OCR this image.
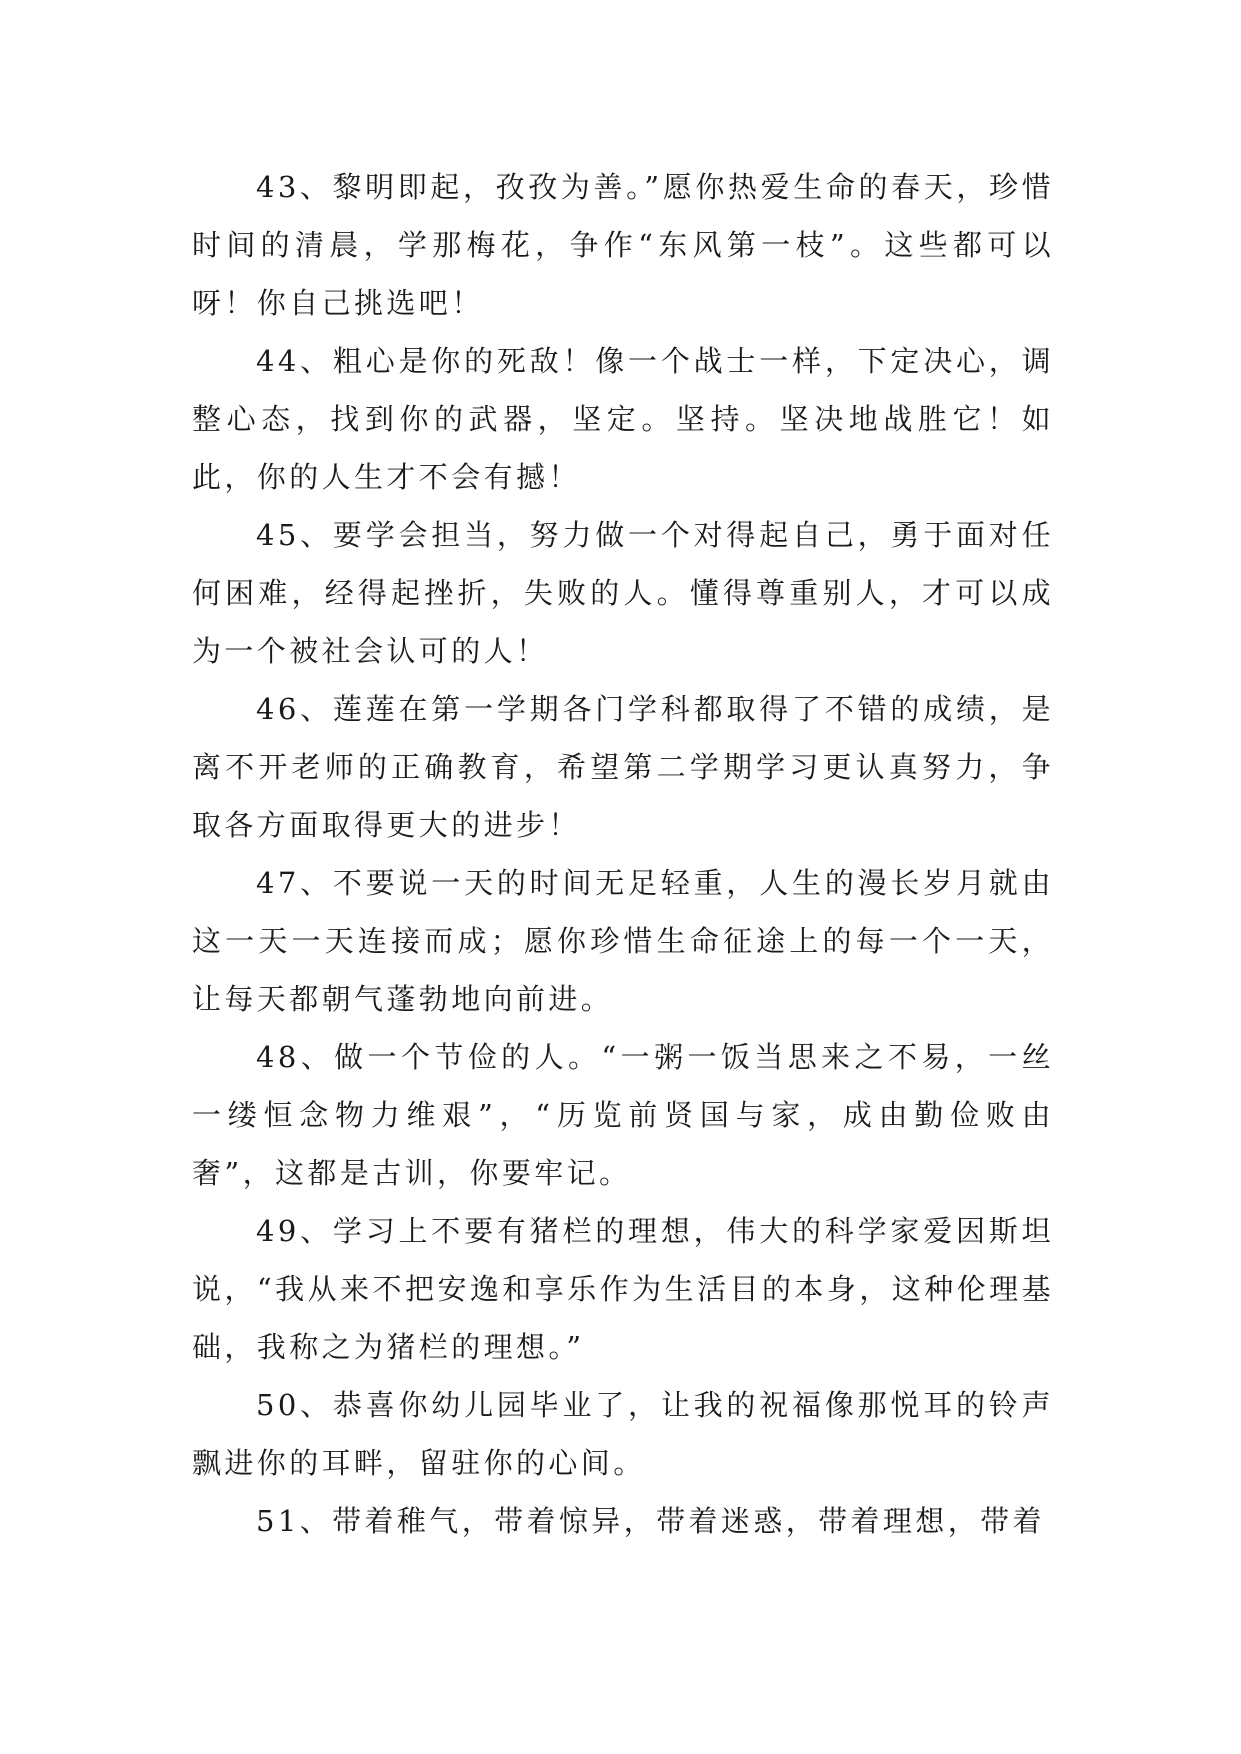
43、黎明即起，孜孜为善。”愿你热爱生命的春天，珍惜时间的清晨，学那梅花，争作“东风第一枝”。这些都可以呀！你自己挑选吧！

44、粗心是你的死敌！像一个战士一样，下定决心，调整心态，找到你的武器，坚定。坚持。坚决地战胜它！如此，你的人生才不会有撼！

45、要学会担当，努力做一个对得起自己，勇于面对任何困难，经得起挫折，失败的人。懂得尊重别人，才可以成为一个被社会认可的人！

46、莲莲在第一学期各门学科都取得了不错的成绩，是离不开老师的正确教育，希望第二学期学习更认真努力，争取各方面取得更大的进步！

47、不要说一天的时间无足轻重，人生的漫长岁月就由这一天一天连接而成；愿你珍惜生命征途上的每一个一天，让每天都朝气蓬勃地向前进。

48、做一个节俭的人。“一粥一饭当思来之不易，一丝一缕恒念物力维艰”，“历览前贤国与家，成由勤俭败由奢”，这都是古训，你要牢记。

49、学习上不要有猪栏的理想，伟大的科学家爱因斯坦说，“我从来不把安逸和享乐作为生活目的本身，这种伦理基础，我称之为猪栏的理想。”

50、恭喜你幼儿园毕业了，让我的祝福像那悦耳的铃声飘进你的耳畔，留驻你的心间。

51、带着稚气，带着惊异，带着迷惑，带着理想，带着
